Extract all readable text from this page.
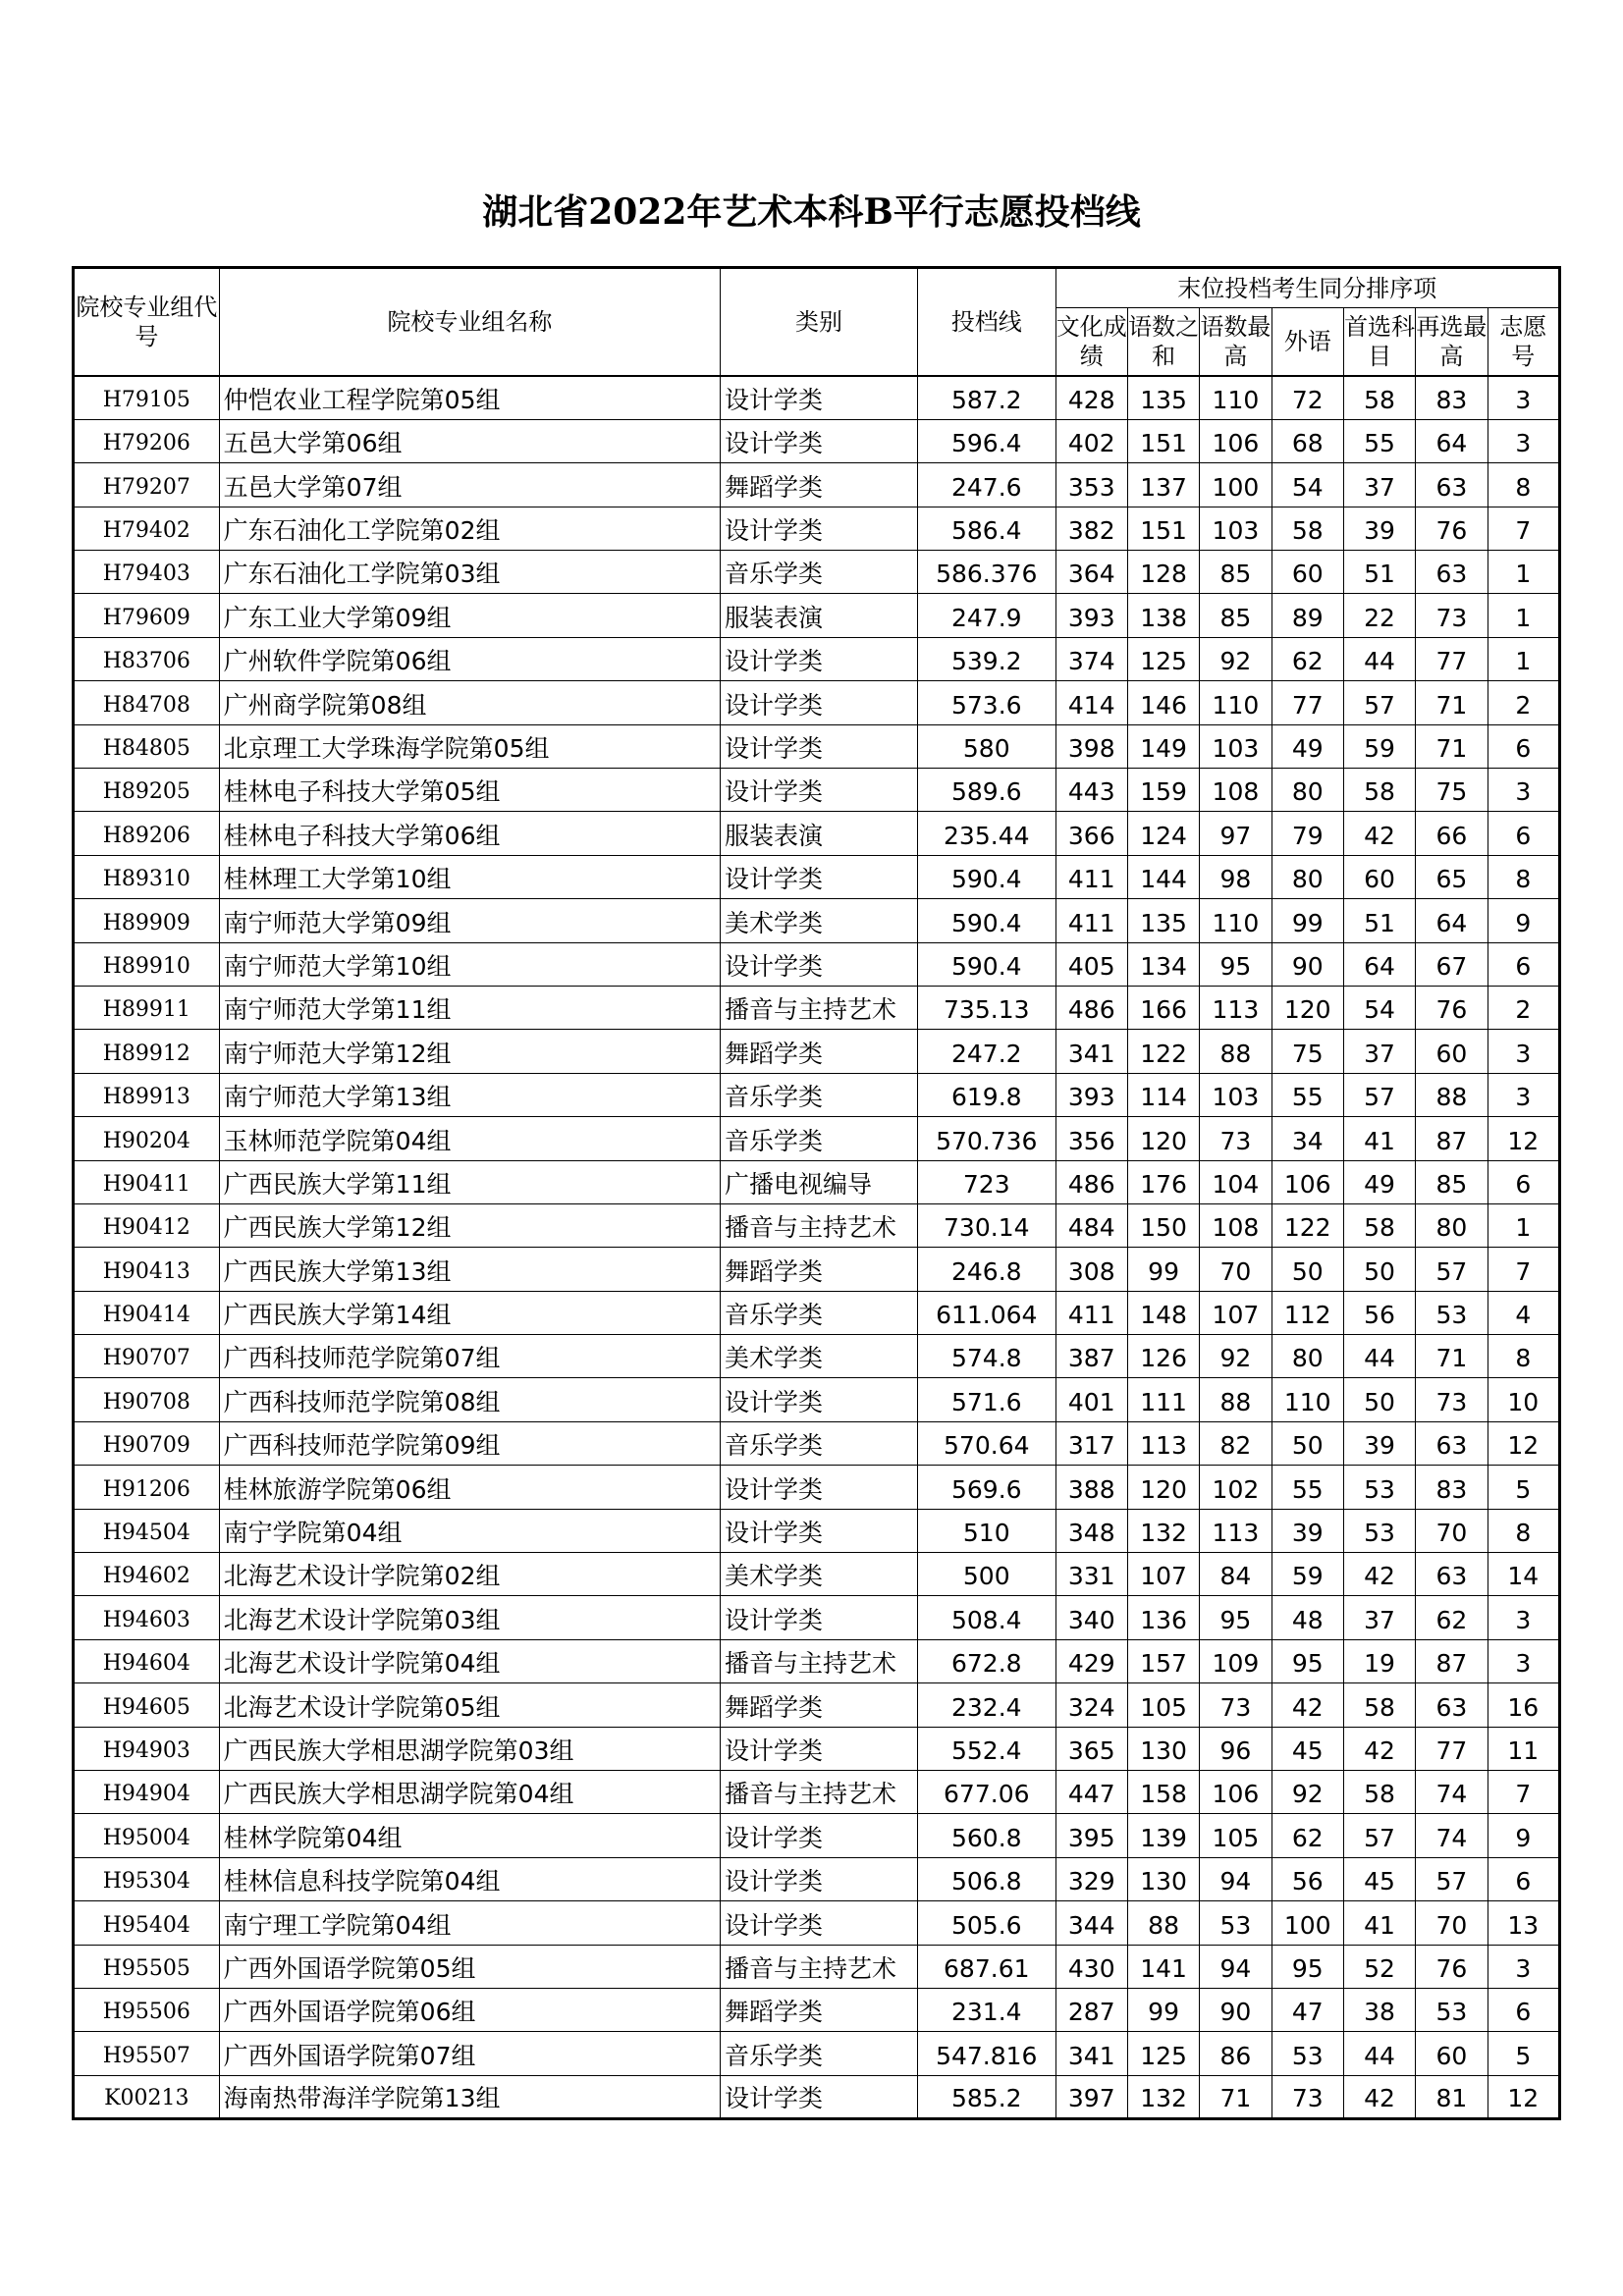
湖北省2022年艺术本科B平行志愿投档线
院校专业组代号	院校专业组名称	类别	投档线	末位投档考生同分排序项						
				文化成绩	语数之和	语数最高	外语	首选科目	再选最高	志愿号
H79105	仲恺农业工程学院第05组	设计学类	587.2	428	135	110	72	58	83	3
H79206	五邑大学第06组	设计学类	596.4	402	151	106	68	55	64	3
H79207	五邑大学第07组	舞蹈学类	247.6	353	137	100	54	37	63	8
H79402	广东石油化工学院第02组	设计学类	586.4	382	151	103	58	39	76	7
H79403	广东石油化工学院第03组	音乐学类	586.376	364	128	85	60	51	63	1
H79609	广东工业大学第09组	服装表演	247.9	393	138	85	89	22	73	1
H83706	广州软件学院第06组	设计学类	539.2	374	125	92	62	44	77	1
H84708	广州商学院第08组	设计学类	573.6	414	146	110	77	57	71	2
H84805	北京理工大学珠海学院第05组	设计学类	580	398	149	103	49	59	71	6
H89205	桂林电子科技大学第05组	设计学类	589.6	443	159	108	80	58	75	3
H89206	桂林电子科技大学第06组	服装表演	235.44	366	124	97	79	42	66	6
H89310	桂林理工大学第10组	设计学类	590.4	411	144	98	80	60	65	8
H89909	南宁师范大学第09组	美术学类	590.4	411	135	110	99	51	64	9
H89910	南宁师范大学第10组	设计学类	590.4	405	134	95	90	64	67	6
H89911	南宁师范大学第11组	播音与主持艺术	735.13	486	166	113	120	54	76	2
H89912	南宁师范大学第12组	舞蹈学类	247.2	341	122	88	75	37	60	3
H89913	南宁师范大学第13组	音乐学类	619.8	393	114	103	55	57	88	3
H90204	玉林师范学院第04组	音乐学类	570.736	356	120	73	34	41	87	12
H90411	广西民族大学第11组	广播电视编导	723	486	176	104	106	49	85	6
H90412	广西民族大学第12组	播音与主持艺术	730.14	484	150	108	122	58	80	1
H90413	广西民族大学第13组	舞蹈学类	246.8	308	99	70	50	50	57	7
H90414	广西民族大学第14组	音乐学类	611.064	411	148	107	112	56	53	4
H90707	广西科技师范学院第07组	美术学类	574.8	387	126	92	80	44	71	8
H90708	广西科技师范学院第08组	设计学类	571.6	401	111	88	110	50	73	10
H90709	广西科技师范学院第09组	音乐学类	570.64	317	113	82	50	39	63	12
H91206	桂林旅游学院第06组	设计学类	569.6	388	120	102	55	53	83	5
H94504	南宁学院第04组	设计学类	510	348	132	113	39	53	70	8
H94602	北海艺术设计学院第02组	美术学类	500	331	107	84	59	42	63	14
H94603	北海艺术设计学院第03组	设计学类	508.4	340	136	95	48	37	62	3
H94604	北海艺术设计学院第04组	播音与主持艺术	672.8	429	157	109	95	19	87	3
H94605	北海艺术设计学院第05组	舞蹈学类	232.4	324	105	73	42	58	63	16
H94903	广西民族大学相思湖学院第03组	设计学类	552.4	365	130	96	45	42	77	11
H94904	广西民族大学相思湖学院第04组	播音与主持艺术	677.06	447	158	106	92	58	74	7
H95004	桂林学院第04组	设计学类	560.8	395	139	105	62	57	74	9
H95304	桂林信息科技学院第04组	设计学类	506.8	329	130	94	56	45	57	6
H95404	南宁理工学院第04组	设计学类	505.6	344	88	53	100	41	70	13
H95505	广西外国语学院第05组	播音与主持艺术	687.61	430	141	94	95	52	76	3
H95506	广西外国语学院第06组	舞蹈学类	231.4	287	99	90	47	38	53	6
H95507	广西外国语学院第07组	音乐学类	547.816	341	125	86	53	44	60	5
K00213	海南热带海洋学院第13组	设计学类	585.2	397	132	71	73	42	81	12
